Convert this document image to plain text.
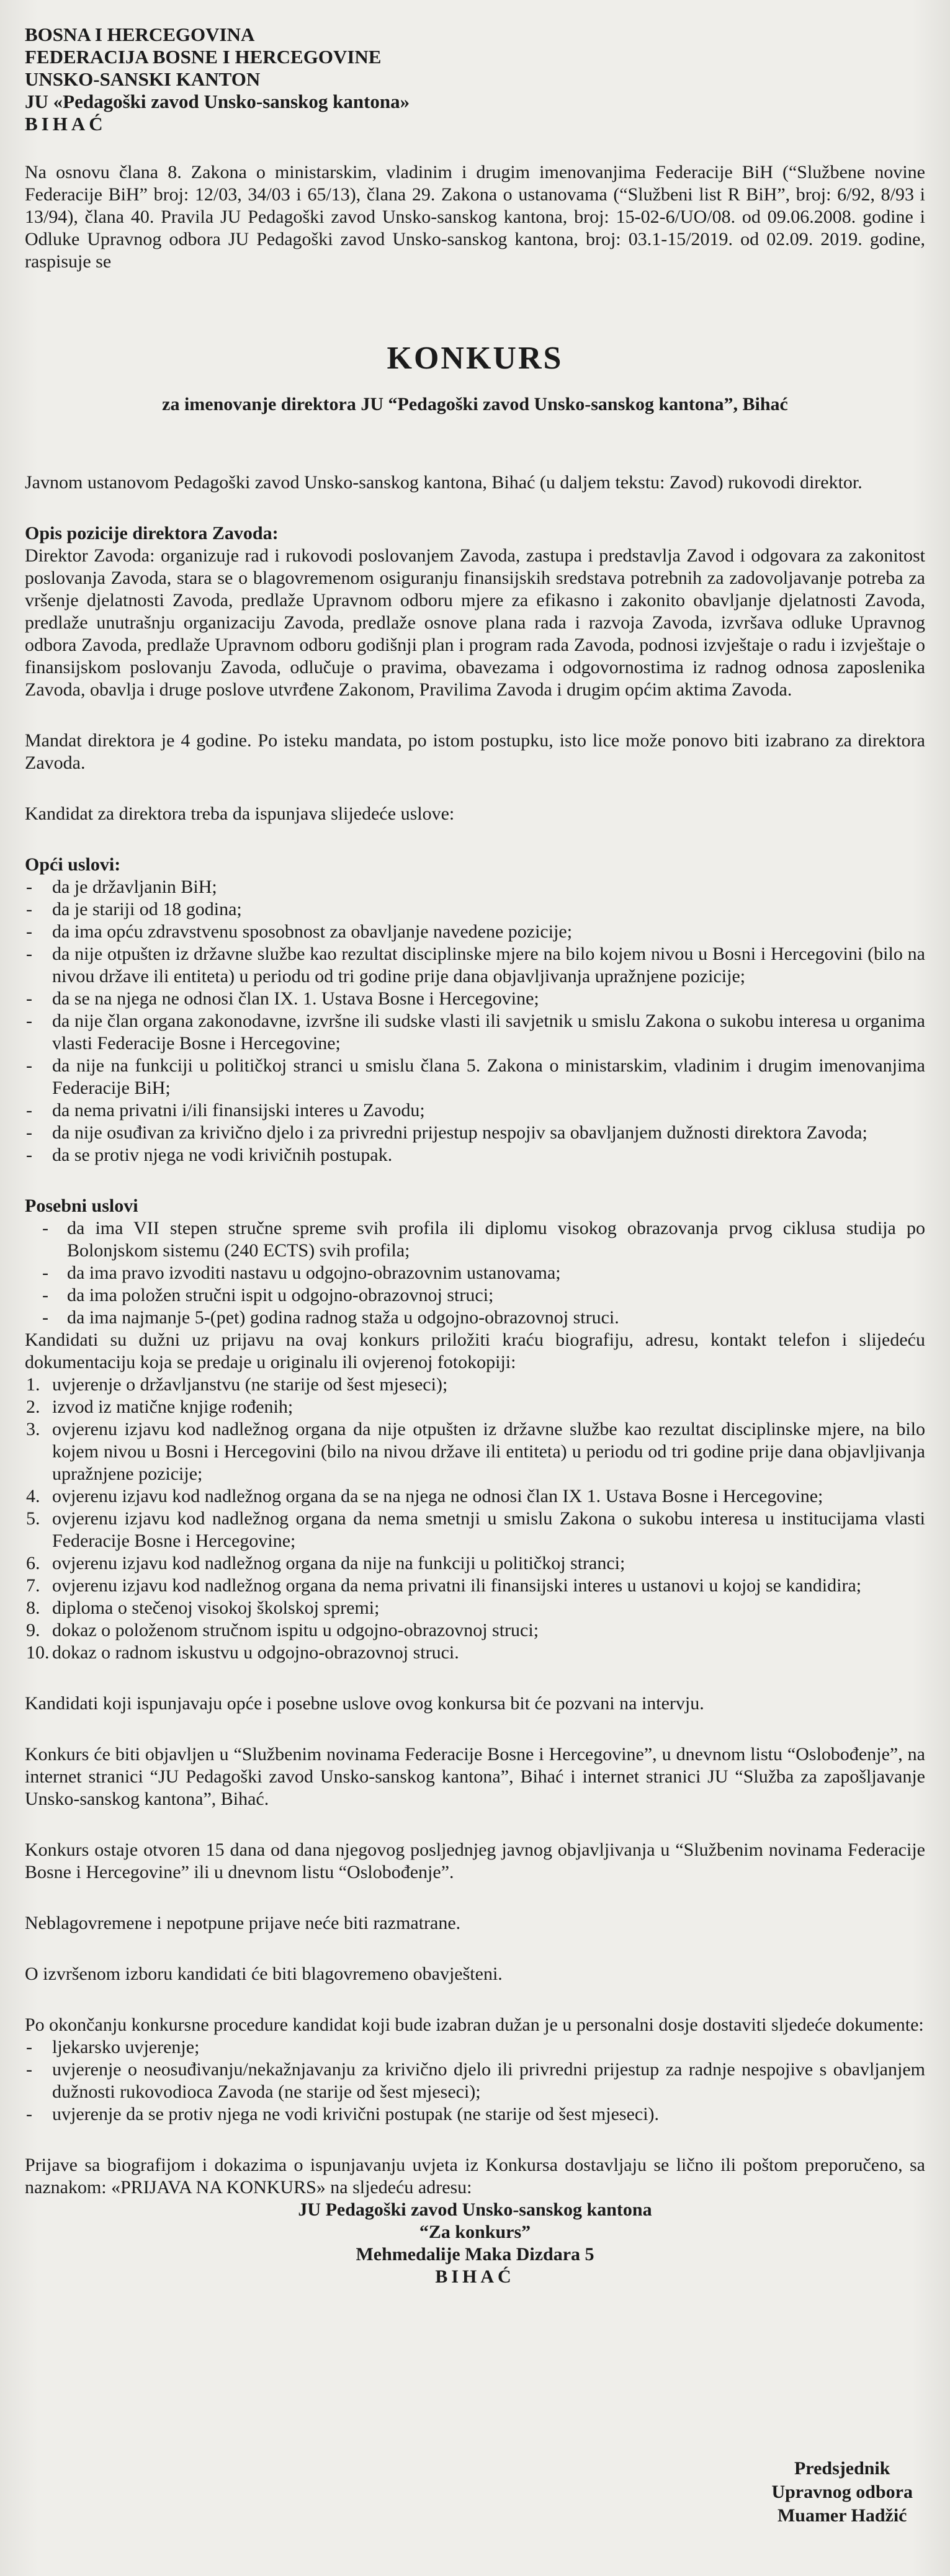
BOSNA I HERCEGOVINA
FEDERACIJA BOSNE I HERCEGOVINE
UNSKO-SANSKI KANTON
JU «Pedagoški zavod Unsko-sanskog kantona»
BIHAĆ

Na osnovu člana 8. Zakona o ministarskim, vladinim i drugim imenovanjima Federacije BiH (“Službene novine Federacije BiH” broj: 12/03, 34/03 i 65/13), člana 29. Zakona o ustanovama (“Službeni list R BiH”, broj: 6/92, 8/93 i 13/94), člana 40. Pravila JU Pedagoški zavod Unsko-sanskog kantona, broj: 15-02-6/UO/08. od 09.06.2008. godine i Odluke Upravnog odbora JU Pedagoški zavod Unsko-sanskog kantona, broj: 03.1-15/2019. od 02.09. 2019. godine, raspisuje se

KONKURS
za imenovanje direktora JU “Pedagoški zavod Unsko-sanskog kantona”, Bihać

Javnom ustanovom Pedagoški zavod Unsko-sanskog kantona, Bihać (u daljem tekstu: Zavod) rukovodi direktor.

Opis pozicije direktora Zavoda:

Direktor Zavoda: organizuje rad i rukovodi poslovanjem Zavoda, zastupa i predstavlja Zavod i odgovara za zakonitost poslovanja Zavoda, stara se o blagovremenom osiguranju finansijskih sredstava potrebnih za zadovoljavanje potreba za vršenje djelatnosti Zavoda, predlaže Upravnom odboru mjere za efikasno i zakonito obavljanje djelatnosti Zavoda, predlaže unutrašnju organizaciju Zavoda, predlaže osnove plana rada i razvoja Zavoda, izvršava odluke Upravnog odbora Zavoda, predlaže Upravnom odboru godišnji plan i program rada Zavoda, podnosi izvještaje o radu i izvještaje o finansijskom poslovanju Zavoda, odlučuje o pravima, obavezama i odgovornostima iz radnog odnosa zaposlenika Zavoda, obavlja i druge poslove utvrđene Zakonom, Pravilima Zavoda i drugim općim aktima Zavoda.

Mandat direktora je 4 godine. Po isteku mandata, po istom postupku, isto lice može ponovo biti izabrano za direktora Zavoda.

Kandidat za direktora treba da ispunjava slijedeće uslove:

Opći uslovi:
- da je državljanin BiH;
- da je stariji od 18 godina;
- da ima opću zdravstvenu sposobnost za obavljanje navedene pozicije;
- da nije otpušten iz državne službe kao rezultat disciplinske mjere na bilo kojem nivou u Bosni i Hercegovini (bilo na nivou države ili entiteta) u periodu od tri godine prije dana objavljivanja upražnjene pozicije;
- da se na njega ne odnosi član IX. 1. Ustava Bosne i Hercegovine;
- da nije član organa zakonodavne, izvršne ili sudske vlasti ili savjetnik u smislu Zakona o sukobu interesa u organima vlasti Federacije Bosne i Hercegovine;
- da nije na funkciji u političkoj stranci u smislu člana 5. Zakona o ministarskim, vladinim i drugim imenovanjima Federacije BiH;
- da nema privatni i/ili finansijski interes u Zavodu;
- da nije osuđivan za krivično djelo i za privredni prijestup nespojiv sa obavljanjem dužnosti direktora Zavoda;
- da se protiv njega ne vodi krivičnih postupak.
Posebni uslovi
- da ima VII stepen stručne spreme svih profila ili diplomu visokog obrazovanja prvog ciklusa studija po Bolonjskom sistemu (240 ECTS) svih profila;
- da ima pravo izvoditi nastavu u odgojno-obrazovnim ustanovama;
- da ima položen stručni ispit u odgojno-obrazovnoj struci;
- da ima najmanje 5-(pet) godina radnog staža u odgojno-obrazovnoj struci.

Kandidati su dužni uz prijavu na ovaj konkurs priložiti kraću biografiju, adresu, kontakt telefon i slijedeću dokumentaciju koja se predaje u originalu ili ovjerenoj fotokopiji:

1. uvjerenje o državljanstvu (ne starije od šest mjeseci);
2. izvod iz matične knjige rođenih;
3. ovjerenu izjavu kod nadležnog organa da nije otpušten iz državne službe kao rezultat disciplinske mjere, na bilo kojem nivou u Bosni i Hercegovini (bilo na nivou države ili entiteta) u periodu od tri godine prije dana objavljivanja upražnjene pozicije;
4. ovjerenu izjavu kod nadležnog organa da se na njega ne odnosi član IX 1. Ustava Bosne i Hercegovine;
5. ovjerenu izjavu kod nadležnog organa da nema smetnji u smislu Zakona o sukobu interesa u institucijama vlasti Federacije Bosne i Hercegovine;
6. ovjerenu izjavu kod nadležnog organa da nije na funkciji u političkoj stranci;
7. ovjerenu izjavu kod nadležnog organa da nema privatni ili finansijski interes u ustanovi u kojoj se kandidira;
8. diploma o stečenoj visokoj školskoj spremi;
9. dokaz o položenom stručnom ispitu u odgojno-obrazovnoj struci;
10. dokaz o radnom iskustvu u odgojno-obrazovnoj struci.

Kandidati koji ispunjavaju opće i posebne uslove ovog konkursa bit će pozvani na intervju.

Konkurs će biti objavljen u “Službenim novinama Federacije Bosne i Hercegovine”, u dnevnom listu “Oslobođenje”, na internet stranici “JU Pedagoški zavod Unsko-sanskog kantona”, Bihać i internet stranici JU “Služba za zapošljavanje Unsko-sanskog kantona”, Bihać.

Konkurs ostaje otvoren 15 dana od dana njegovog posljednjeg javnog objavljivanja u “Službenim novinama Federacije Bosne i Hercegovine” ili u dnevnom listu “Oslobođenje”.

Neblagovremene i nepotpune prijave neće biti razmatrane.

O izvršenom izboru kandidati će biti blagovremeno obavješteni.

Po okončanju konkursne procedure kandidat koji bude izabran dužan je u personalni dosje dostaviti sljedeće dokumente:

- ljekarsko uvjerenje;
- uvjerenje o neosuđivanju/nekažnjavanju za krivično djelo ili privredni prijestup za radnje nespojive s obavljanjem dužnosti rukovodioca Zavoda (ne starije od šest mjeseci);
- uvjerenje da se protiv njega ne vodi krivični postupak (ne starije od šest mjeseci).

Prijave sa biografijom i dokazima o ispunjavanju uvjeta iz Konkursa dostavljaju se lično ili poštom preporučeno, sa naznakom: «PRIJAVA NA KONKURS» na sljedeću adresu:

JU Pedagoški zavod Unsko-sanskog kantona
“Za konkurs”
Mehmedalije Maka Dizdara 5
BIHAĆ
Predsjednik
Upravnog odbora
Muamer Hadžić
